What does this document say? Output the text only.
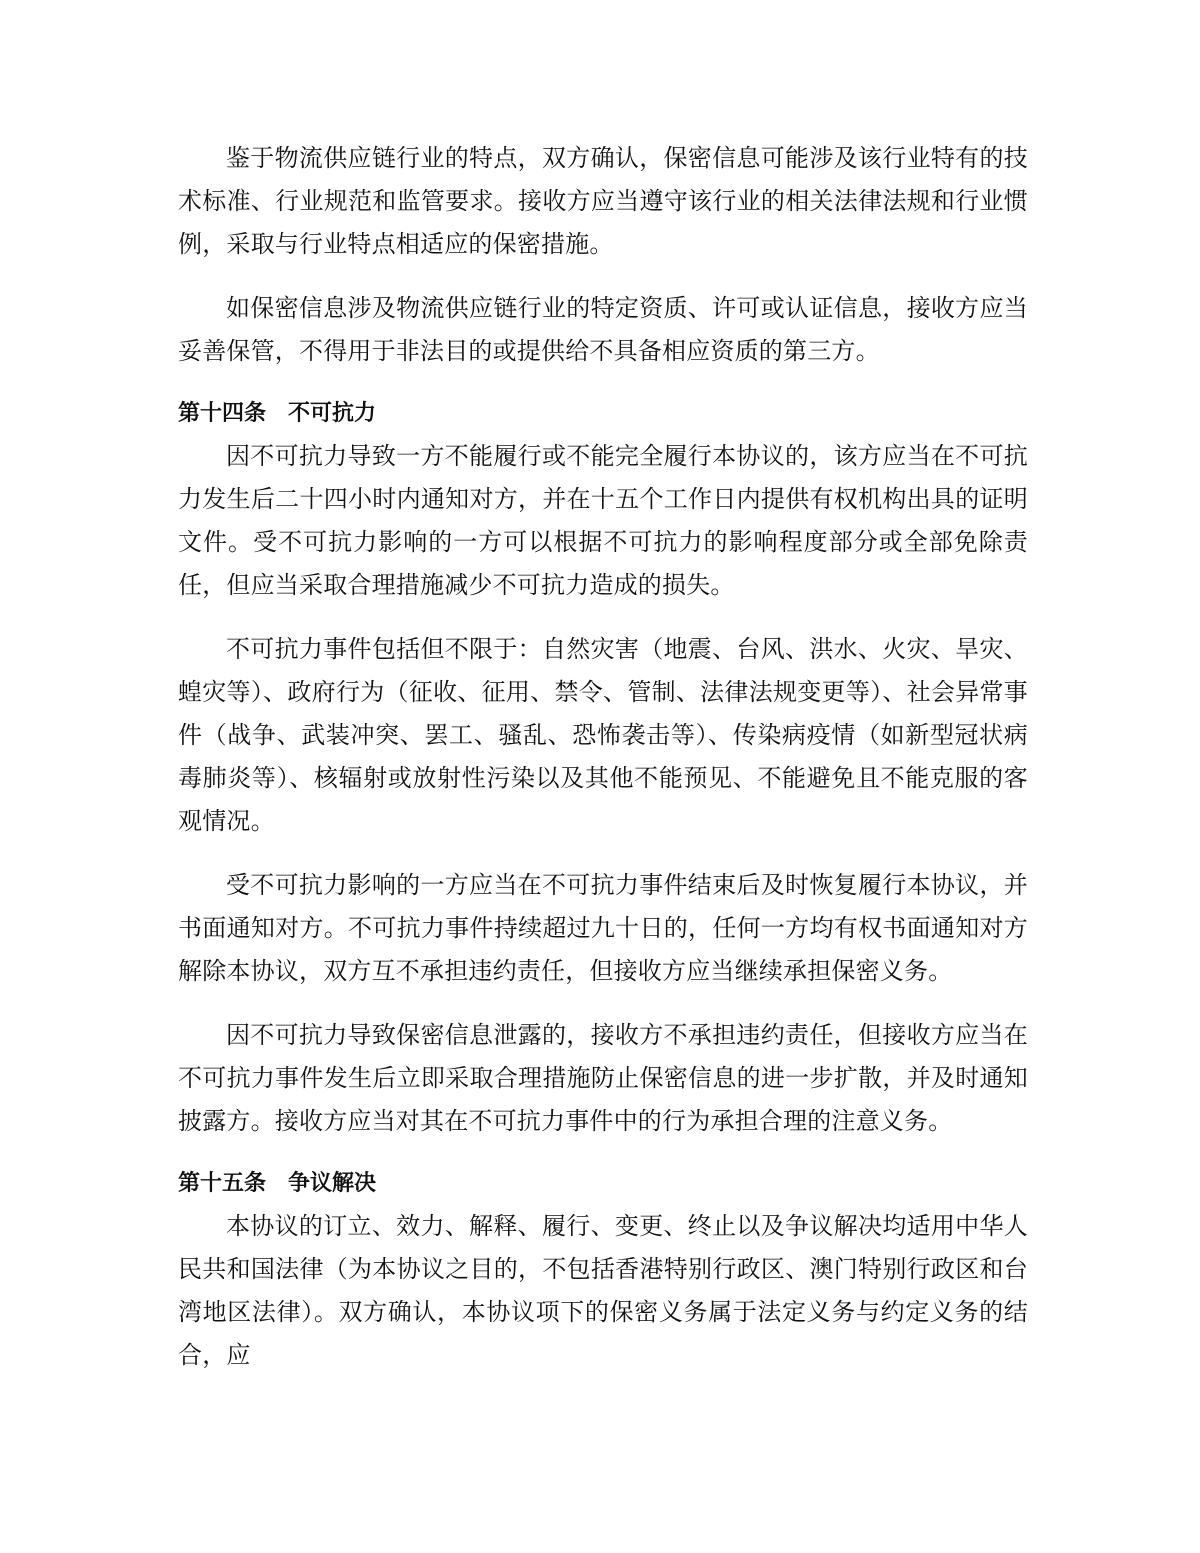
鉴于物流供应链行业的特点，双方确认，保密信息可能涉及该行业特有的技术标准、行业规范和监管要求。接收方应当遵守该行业的相关法律法规和行业惯例，采取与行业特点相适应的保密措施。

如保密信息涉及物流供应链行业的特定资质、许可或认证信息，接收方应当妥善保管，不得用于非法目的或提供给不具备相应资质的第三方。

第十四条 不可抗力

因不可抗力导致一方不能履行或不能完全履行本协议的，该方应当在不可抗力发生后二十四小时内通知对方，并在十五个工作日内提供有权机构出具的证明文件。受不可抗力影响的一方可以根据不可抗力的影响程度部分或全部免除责任，但应当采取合理措施减少不可抗力造成的损失。

不可抗力事件包括但不限于：自然灾害（地震、台风、洪水、火灾、旱灾、蝗灾等）、政府行为（征收、征用、禁令、管制、法律法规变更等）、社会异常事件（战争、武装冲突、罢工、骚乱、恐怖袭击等）、传染病疫情（如新型冠状病毒肺炎等）、核辐射或放射性污染以及其他不能预见、不能避免且不能克服的客观情况。

受不可抗力影响的一方应当在不可抗力事件结束后及时恢复履行本协议，并书面通知对方。不可抗力事件持续超过九十日的，任何一方均有权书面通知对方解除本协议，双方互不承担违约责任，但接收方应当继续承担保密义务。

因不可抗力导致保密信息泄露的，接收方不承担违约责任，但接收方应当在不可抗力事件发生后立即采取合理措施防止保密信息的进一步扩散，并及时通知披露方。接收方应当对其在不可抗力事件中的行为承担合理的注意义务。

第十五条 争议解决

本协议的订立、效力、解释、履行、变更、终止以及争议解决均适用中华人民共和国法律（为本协议之目的，不包括香港特别行政区、澳门特别行政区和台湾地区法律）。双方确认，本协议项下的保密义务属于法定义务与约定义务的结合，应
